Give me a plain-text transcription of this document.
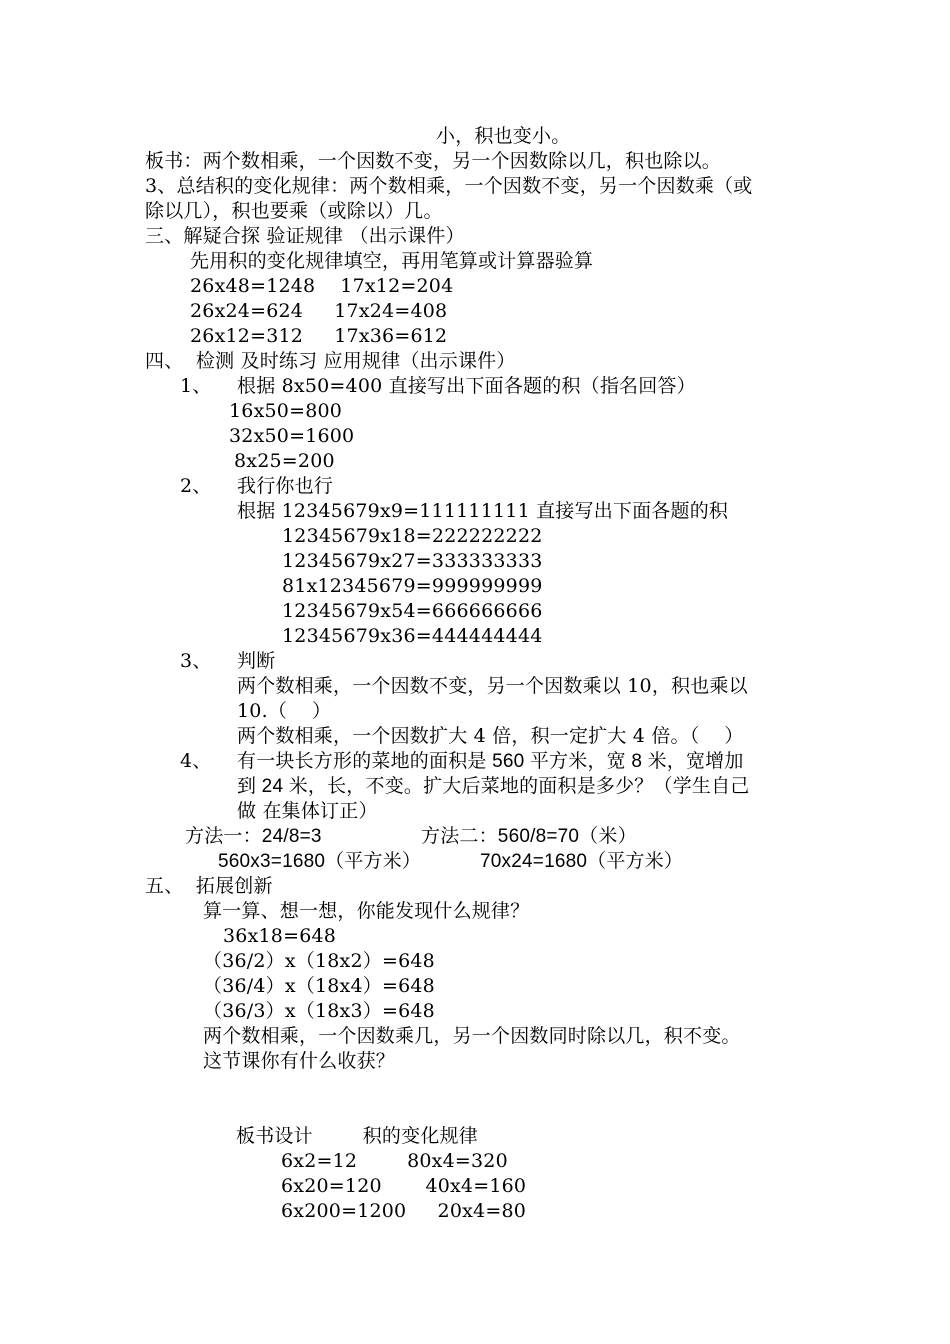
小，积也变小。
板书：两个数相乘，一个因数不变，另一个因数除以几，积也除以。
3、总结积的变化规律：两个数相乘，一个因数不变，另一个因数乘（或
除以几），积也要乘（或除以）几。
三、解疑合探 验证规律 （出示课件）
先用积的变化规律填空，再用笔算或计算器验算
26x48=1248    17x12=204
26x24=624     17x24=408
26x12=312     17x36=612
四、  检测 及时练习 应用规律（出示课件）
1、 根据 8x50=400 直接写出下面各题的积（指名回答）
16x50=800
32x50=1600
8x25=200
2、 我行你也行
根据 12345679x9=111111111 直接写出下面各题的积
12345679x18=222222222
12345679x27=333333333
81x12345679=999999999
12345679x54=666666666
12345679x36=444444444
3、 判断
两个数相乘，一个因数不变，另一个因数乘以 10，积也乘以
10.（    ）
两个数相乘，一个因数扩大 4 倍，积一定扩大 4 倍。（    ）
4、 有一块长方形的菜地的面积是 560 平方米，宽 8 米，宽增加
到 24 米，长，不变。扩大后菜地的面积是多少？（学生自己
做 在集体订正）
方法一：24/8=3	方法二：560/8=70（米）
560x3=1680（平方米）	70x24=1680（平方米）
五、  拓展创新
算一算、想一想，你能发现什么规律？
36x18=648
（36/2）x（18x2）=648
（36/4）x（18x4）=648
（36/3）x（18x3）=648
两个数相乘，一个因数乘几，另一个因数同时除以几，积不变。
这节课你有什么收获？
板书设计        积的变化规律
6x2=12        80x4=320
6x20=120       40x4=160
6x200=1200     20x4=80
